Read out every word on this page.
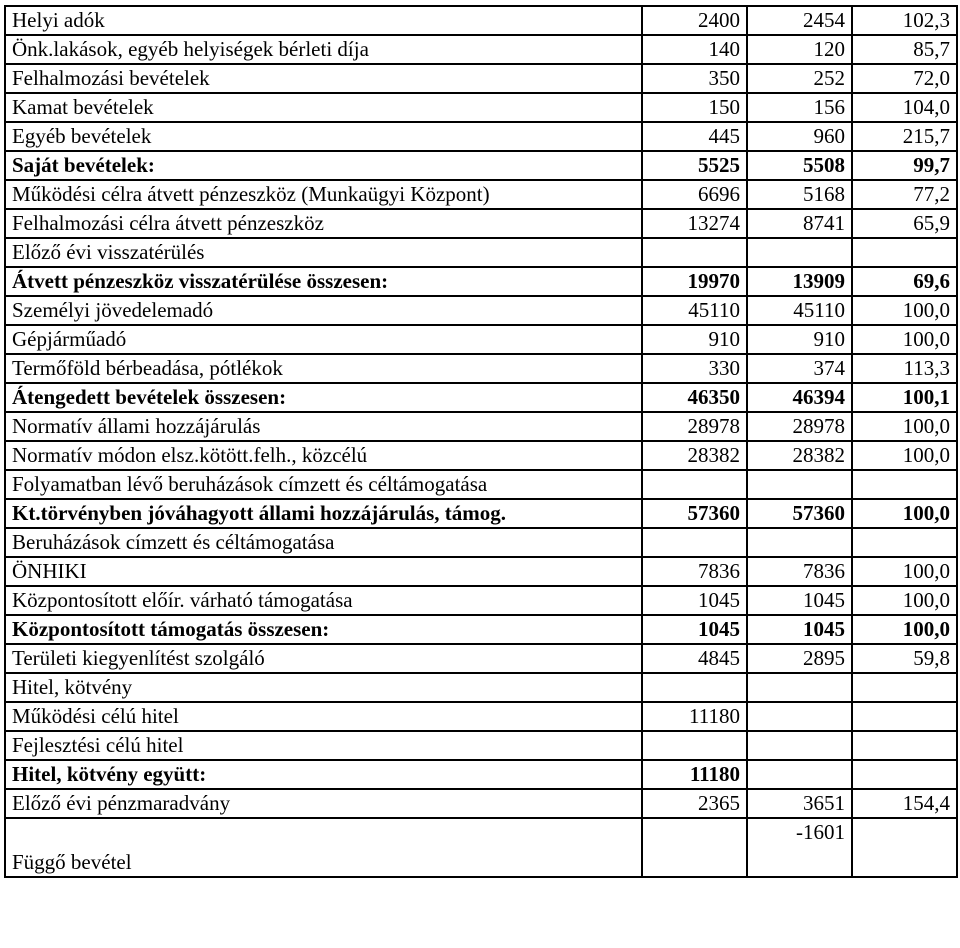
Helyi adók	2400	2454	102,3
Önk.lakások, egyéb helyiségek bérleti díja	140	120	85,7
Felhalmozási bevételek	350	252	72,0
Kamat bevételek	150	156	104,0
Egyéb bevételek	445	960	215,7
Saját bevételek:	5525	5508	99,7
Működési célra átvett pénzeszköz (Munkaügyi Központ)	6696	5168	77,2
Felhalmozási célra átvett pénzeszköz	13274	8741	65,9
Előző évi visszatérülés			
Átvett pénzeszköz visszatérülése összesen:	19970	13909	69,6
Személyi jövedelemadó	45110	45110	100,0
Gépjárműadó	910	910	100,0
Termőföld bérbeadása, pótlékok	330	374	113,3
Átengedett bevételek összesen:	46350	46394	100,1
Normatív állami hozzájárulás	28978	28978	100,0
Normatív módon elsz.kötött.felh., közcélú	28382	28382	100,0
Folyamatban lévő beruházások címzett és céltámogatása			
Kt.törvényben jóváhagyott állami hozzájárulás, támog.	57360	57360	100,0
Beruházások címzett és céltámogatása			
ÖNHIKI	7836	7836	100,0
Központosított előír. várható támogatása	1045	1045	100,0
Központosított támogatás összesen:	1045	1045	100,0
Területi kiegyenlítést szolgáló	4845	2895	59,8
Hitel, kötvény			
Működési célú hitel	11180		
Fejlesztési célú hitel			
Hitel, kötvény együtt:	11180		
Előző évi pénzmaradvány	2365	3651	154,4
Függő bevétel		-1601	
